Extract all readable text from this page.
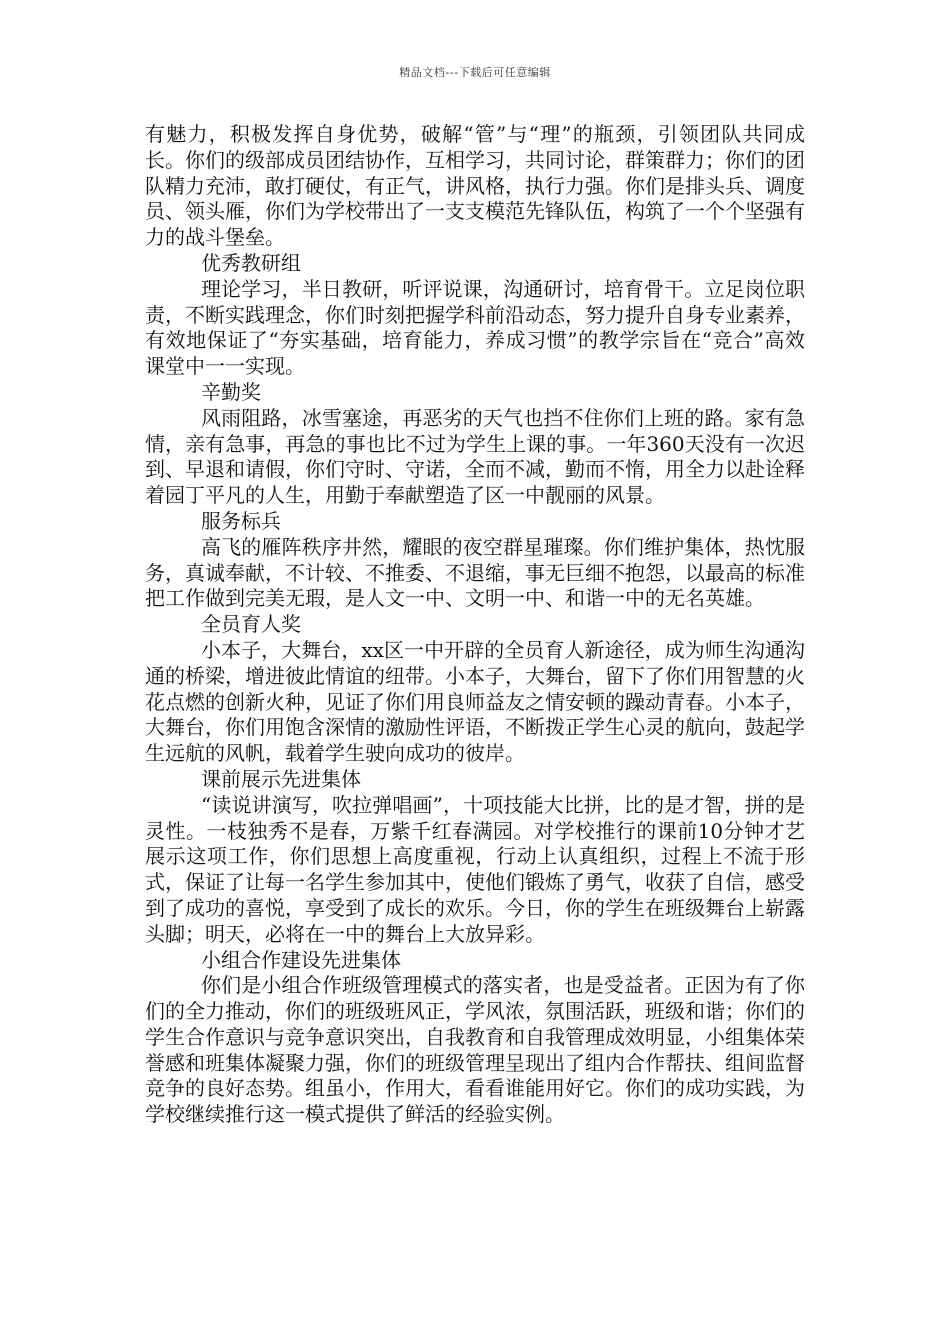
精品文档---下载后可任意编辑

有魅力，积极发挥自身优势，破解“管”与“理”的瓶颈，引领团队共同成长。你们的级部成员团结协作，互相学习，共同讨论，群策群力；你们的团队精力充沛，敢打硬仗，有正气，讲风格，执行力强。你们是排头兵、调度员、领头雁，你们为学校带出了一支支模范先锋队伍，构筑了一个个坚强有力的战斗堡垒。

优秀教研组

理论学习，半日教研，听评说课，沟通研讨，培育骨干。立足岗位职责，不断实践理念，你们时刻把握学科前沿动态，努力提升自身专业素养，有效地保证了“夯实基础，培育能力，养成习惯”的教学宗旨在“竞合”高效课堂中一一实现。

辛勤奖

风雨阻路，冰雪塞途，再恶劣的天气也挡不住你们上班的路。家有急情，亲有急事，再急的事也比不过为学生上课的事。一年360天没有一次迟到、早退和请假，你们守时、守诺，全而不减，勤而不惰，用全力以赴诠释着园丁平凡的人生，用勤于奉献塑造了区一中靓丽的风景。

服务标兵

高飞的雁阵秩序井然，耀眼的夜空群星璀璨。你们维护集体，热忱服务，真诚奉献，不计较、不推委、不退缩，事无巨细不抱怨，以最高的标准把工作做到完美无瑕，是人文一中、文明一中、和谐一中的无名英雄。

全员育人奖

小本子，大舞台，xx区一中开辟的全员育人新途径，成为师生沟通沟通的桥梁，增进彼此情谊的纽带。小本子，大舞台，留下了你们用智慧的火花点燃的创新火种，见证了你们用良师益友之情安顿的躁动青春。小本子，大舞台，你们用饱含深情的激励性评语，不断拨正学生心灵的航向，鼓起学生远航的风帆，载着学生驶向成功的彼岸。

课前展示先进集体

“读说讲演写，吹拉弹唱画”，十项技能大比拼，比的是才智，拼的是灵性。一枝独秀不是春，万紫千红春满园。对学校推行的课前10分钟才艺展示这项工作，你们思想上高度重视，行动上认真组织，过程上不流于形式，保证了让每一名学生参加其中，使他们锻炼了勇气，收获了自信，感受到了成功的喜悦，享受到了成长的欢乐。今日，你的学生在班级舞台上崭露头脚；明天，必将在一中的舞台上大放异彩。

小组合作建设先进集体

你们是小组合作班级管理模式的落实者，也是受益者。正因为有了你们的全力推动，你们的班级班风正，学风浓，氛围活跃，班级和谐；你们的学生合作意识与竞争意识突出，自我教育和自我管理成效明显，小组集体荣誉感和班集体凝聚力强，你们的班级管理呈现出了组内合作帮扶、组间监督竞争的良好态势。组虽小，作用大，看看谁能用好它。你们的成功实践，为学校继续推行这一模式提供了鲜活的经验实例。
